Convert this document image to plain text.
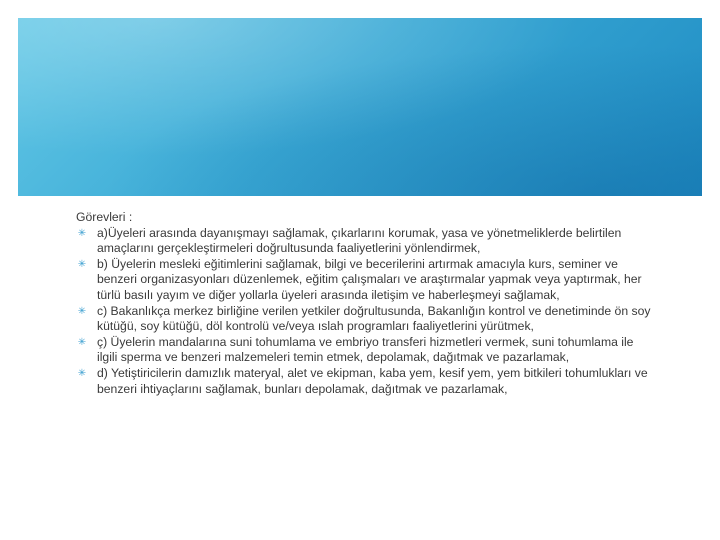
Görevleri :

✳ a)Üyeleri arasında dayanışmayı sağlamak, çıkarlarını korumak, yasa ve yönetmeliklerde belirtilen amaçlarını gerçekleştirmeleri doğrultusunda faaliyetlerini yönlendirmek,
✳ b) Üyelerin mesleki eğitimlerini sağlamak, bilgi ve becerilerini artırmak amacıyla kurs, seminer ve benzeri organizasyonları düzenlemek, eğitim çalışmaları ve araştırmalar yapmak veya yaptırmak, her türlü basılı yayım ve diğer yollarla üyeleri arasında iletişim ve haberleşmeyi sağlamak,
✳ c) Bakanlıkça merkez birliğine verilen yetkiler doğrultusunda, Bakanlığın kontrol ve denetiminde ön soy kütüğü, soy kütüğü, döl kontrolü ve/veya ıslah programları faaliyetlerini yürütmek,
✳ ç) Üyelerin mandalarına suni tohumlama ve embriyo transferi hizmetleri vermek, suni tohumlama ile ilgili sperma ve benzeri malzemeleri temin etmek, depolamak, dağıtmak ve pazarlamak,
✳ d) Yetiştiricilerin damızlık materyal, alet ve ekipman, kaba yem, kesif yem, yem bitkileri tohumlukları ve benzeri ihtiyaçlarını sağlamak, bunları depolamak, dağıtmak ve pazarlamak,
